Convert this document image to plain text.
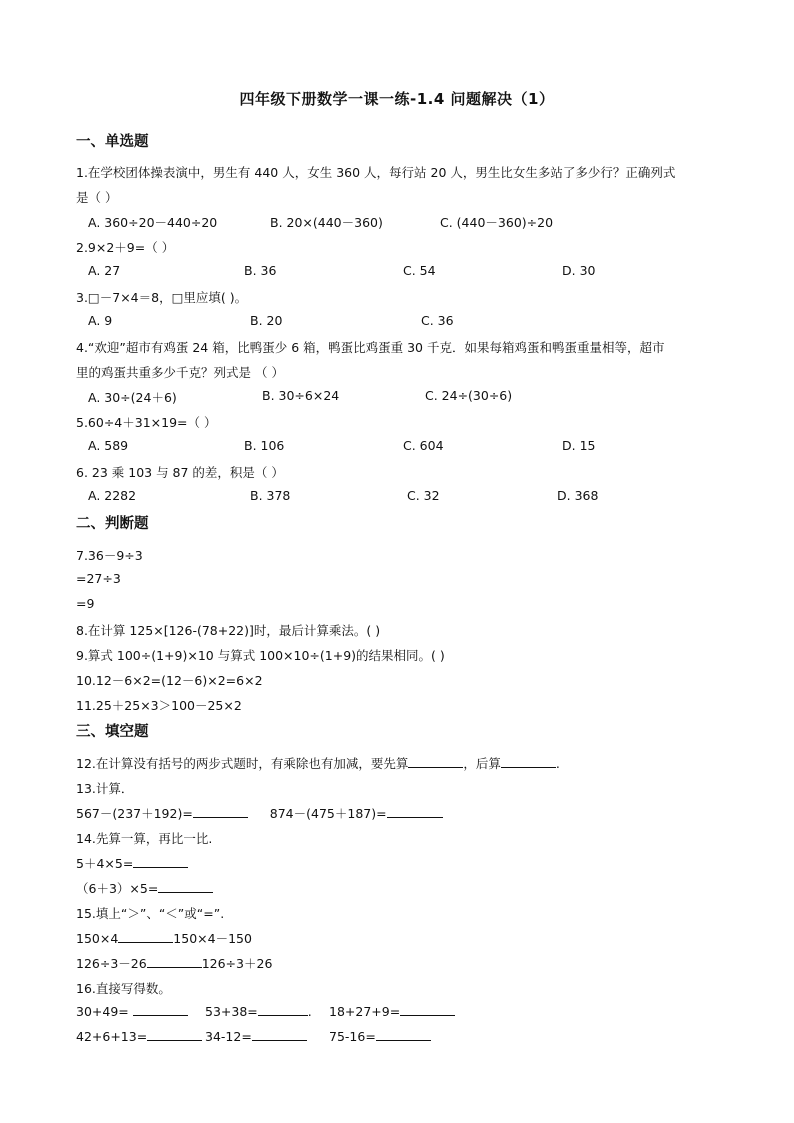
四年级下册数学一课一练-1.4 问题解决（1）
一、单选题
1.在学校团体操表演中，男生有 440 人，女生 360 人，每行站 20 人，男生比女生多站了多少行？正确列式
是（ ）
A. 360÷20－440÷20	B. 20×(440－360)	C. (440－360)÷20
2.9×2＋9=（ ）
A. 27	B. 36	C. 54	D. 30
3.□－7×4＝8，□里应填( )。
A. 9	B. 20	C. 36
4.“欢迎”超市有鸡蛋 24 箱，比鸭蛋少 6 箱，鸭蛋比鸡蛋重 30 千克．如果每箱鸡蛋和鸭蛋重量相等，超市
里的鸡蛋共重多少千克？列式是 （ ）
A. 30÷(24＋6)	B. 30÷6×24	C. 24÷(30÷6)
5.60÷4＋31×19=（ ）
A. 589	B. 106	C. 604	D. 15
6. 23 乘 103 与 87 的差，积是（ ）
A. 2282	B. 378	C. 32	D. 368
二、判断题
7.36－9÷3
=27÷3
=9
8.在计算 125×[126-(78+22)]时，最后计算乘法。( )
9.算式 100÷(1+9)×10 与算式 100×10÷(1+9)的结果相同。( )
10.12－6×2=(12－6)×2=6×2
11.25＋25×3＞100－25×2
三、填空题
12.在计算没有括号的两步式题时，有乘除也有加减，要先算	，后算	.
13.计算．
567－(237＋192)=	874－(475＋187)=
14.先算一算，再比一比.
5＋4×5=
（6＋3）×5=
15.填上“＞”、“＜”或“=”.
150×4	150×4－150
126÷3－26	126÷3＋26
16.直接写得数。
30+49=	53+38=	. 18+27+9=
42+6+13=	34-12=	75-16=
